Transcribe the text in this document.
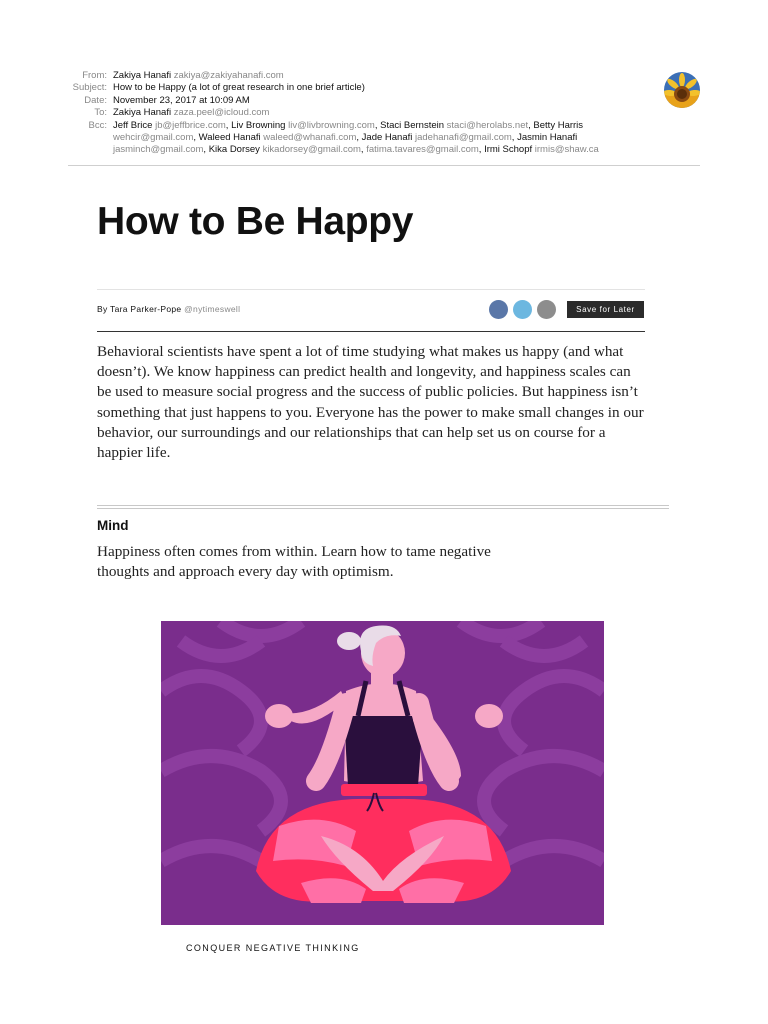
From: Zakiya Hanafi zakiya@zakiyahanafi.com
Subject: How to be Happy (a lot of great research in one brief article)
Date: November 23, 2017 at 10:09 AM
To: Zakiya Hanafi zaza.peel@icloud.com
Bcc: Jeff Brice jb@jeffbrice.com, Liv Browning liv@livbrowning.com, Staci Bernstein staci@herolabs.net, Betty Harris
wehcir@gmail.com, Waleed Hanafi waleed@whanafi.com, Jade Hanafi jadehanafi@gmail.com, Jasmin Hanafi
jasminch@gmail.com, Kika Dorsey kikadorsey@gmail.com, fatima.tavares@gmail.com, Irmi Schopf irmis@shaw.ca
How to Be Happy
By Tara Parker-Pope @nytimeswell	Save for Later

Behavioral scientists have spent a lot of time studying what makes us happy (and what doesn’t). We know happiness can predict health and longevity, and happiness scales can be used to measure social progress and the success of public policies. But happiness isn’t something that just happens to you. Everyone has the power to make small changes in our behavior, our surroundings and our relationships that can help set us on course for a happier life.

Mind

Happiness often comes from within. Learn how to tame negative thoughts and approach every day with optimism.

CONQUER NEGATIVE THINKING
